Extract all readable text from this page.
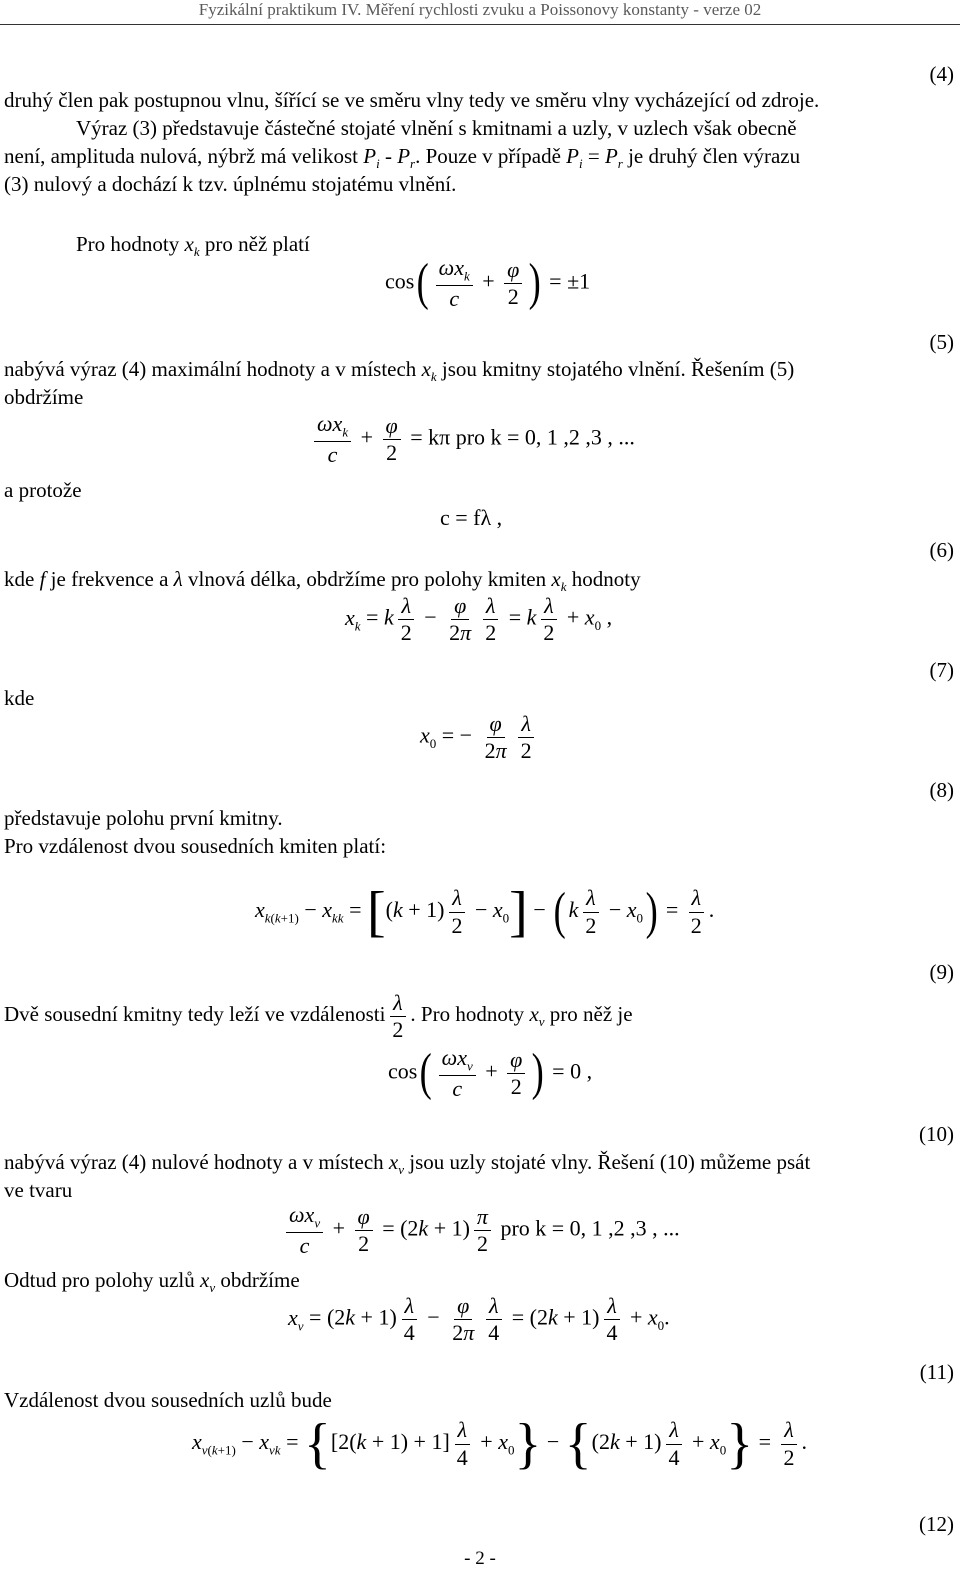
Fyzikální praktikum IV. Měření rychlosti zvuku a Poissonovy konstanty - verze 02
(4)
druhý člen pak postupnou vlnu, šířící se ve směru vlny tedy ve směru vlny vycházející od zdroje.
Výraz (3) představuje částečné stojaté vlnění s kmitnami a uzly, v uzlech však obecně
není, amplituda nulová, nýbrž má velikost $P_i - P_r$. Pouze v případě $P_i = P_r$ je druhý člen výrazu
(3) nulový a dochází k tzv. úplnému stojatému vlnění.
Pro hodnoty $x_k$ pro něž platí
$\cos( \frac{\omega x_k}{c} + \frac{\varphi}{2}$ ) = ±1
(5)
nabývá výraz (4) maximální hodnoty a v místech $x_k$ jsou kmitny stojatého vlnění. Řešením (5)
obdržíme
$\frac{\omega x_k}{c} + \frac{\varphi}{2} = k\pi$ pro k = 0, 1 ,2 ,3 , ...
a protože
c = fλ ,
(6)
kde f je frekvence a λ vlnová délka, obdržíme pro polohy kmiten $x_k$ hodnoty
$x_k = k \frac{\lambda}{2} - \frac{\varphi}{2\pi} \frac{\lambda}{2} = k \frac{\lambda}{2} + x_0$ ,
(7)
kde
$x_0$ = − $\frac{\varphi}{2\pi} \frac{\lambda}{2}$
(8)
představuje polohu první kmitny.
Pro vzdálenost dvou sousedních kmiten platí:
$x_{k(k+1)} - x_{kk} = [(k + 1) \frac{\lambda}{2} - x_0]$ − ( k $\frac{\lambda}{2} - x_0) = \frac{\lambda}{2}$ .
(9)
Dvě sousední kmitny tedy leží ve vzdálenosti $\frac{\lambda}{2}$ . Pro hodnoty $x_v$ pro něž je
$\cos( \frac{\omega x_v}{c} + \frac{\varphi}{2}$ ) = 0 ,
(10)
nabývá výraz (4) nulové hodnoty a v místech $x_v$ jsou uzly stojaté vlny. Řešení (10) můžeme psát
ve tvaru
$\frac{\omega x_v}{c} + \frac{\varphi}{2} = (2k + 1) \frac{\pi}{2}$ pro k = 0, 1 ,2 ,3 , ...
Odtud pro polohy uzlů $x_v$ obdržíme
$x_v = (2k + 1) \frac{\lambda}{4} - \frac{\varphi}{2\pi} \frac{\lambda}{4} = (2k + 1) \frac{\lambda}{4} + x_0$.
(11)
Vzdálenost dvou sousedních uzlů bude
$x_{v(k+1)} - x_{vk} = \{[2(k + 1) + 1] \frac{\lambda}{4} + x_0\} - \{(2k + 1) \frac{\lambda}{4} + x_0\} = \frac{\lambda}{2}$ .
(12)
- 2 -
